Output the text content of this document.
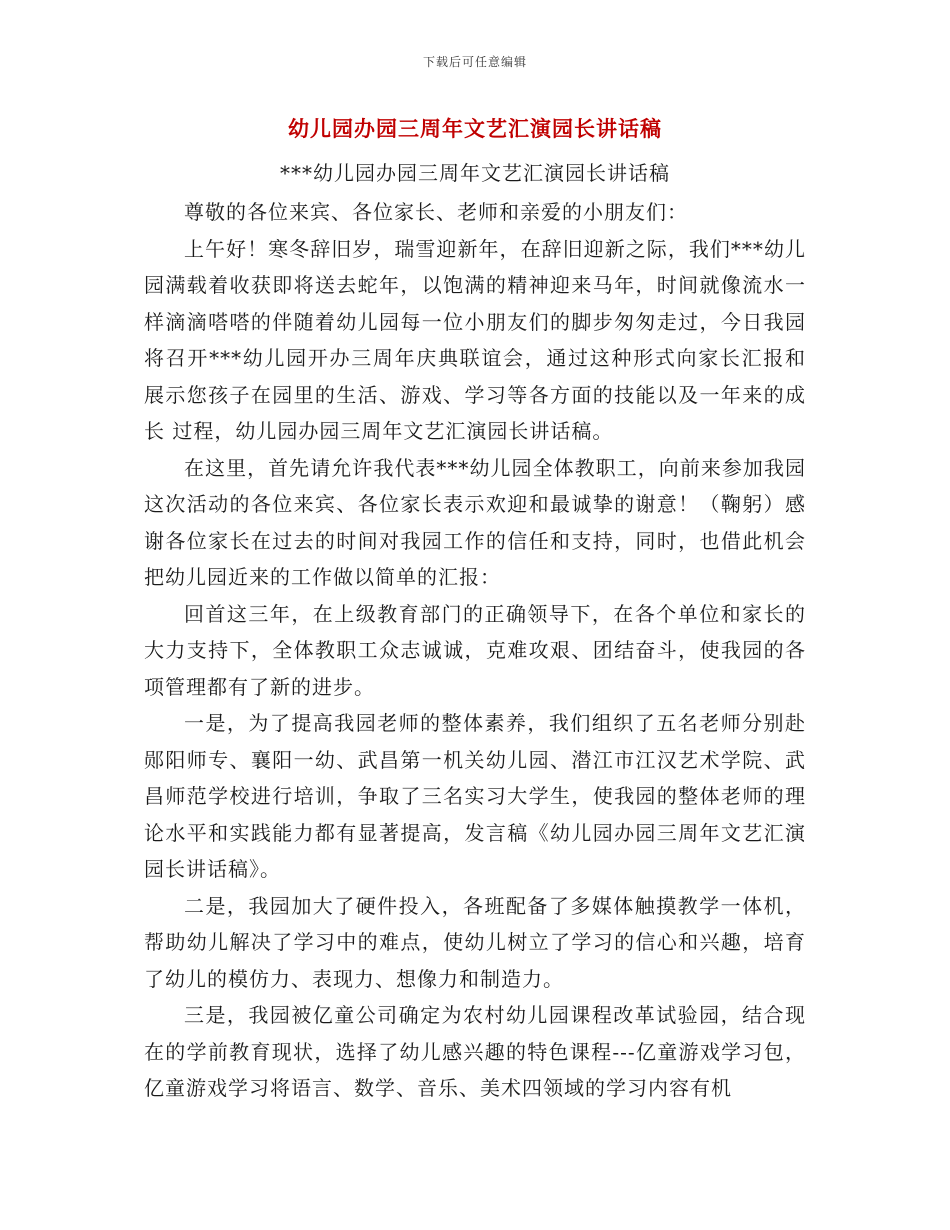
下载后可任意编辑
幼儿园办园三周年文艺汇演园长讲话稿
***幼儿园办园三周年文艺汇演园长讲话稿

尊敬的各位来宾、各位家长、老师和亲爱的小朋友们：

上午好！寒冬辞旧岁，瑞雪迎新年，在辞旧迎新之际，我们***幼儿园满载着收获即将送去蛇年，以饱满的精神迎来马年，时间就像流水一样滴滴嗒嗒的伴随着幼儿园每一位小朋友们的脚步匆匆走过，今日我园将召开***幼儿园开办三周年庆典联谊会，通过这种形式向家长汇报和展示您孩子在园里的生活、游戏、学习等各方面的技能以及一年来的成长 过程，幼儿园办园三周年文艺汇演园长讲话稿。

在这里，首先请允许我代表***幼儿园全体教职工，向前来参加我园这次活动的各位来宾、各位家长表示欢迎和最诚挚的谢意！（鞠躬）感谢各位家长在过去的时间对我园工作的信任和支持，同时，也借此机会把幼儿园近来的工作做以简单的汇报：

回首这三年，在上级教育部门的正确领导下，在各个单位和家长的大力支持下，全体教职工众志诚诚，克难攻艰、团结奋斗，使我园的各项管理都有了新的进步。

一是，为了提高我园老师的整体素养，我们组织了五名老师分别赴郧阳师专、襄阳一幼、武昌第一机关幼儿园、潜江市江汉艺术学院、武昌师范学校进行培训，争取了三名实习大学生，使我园的整体老师的理论水平和实践能力都有显著提高，发言稿《幼儿园办园三周年文艺汇演园长讲话稿》。

二是，我园加大了硬件投入，各班配备了多媒体触摸教学一体机，帮助幼儿解决了学习中的难点，使幼儿树立了学习的信心和兴趣，培育了幼儿的模仿力、表现力、想像力和制造力。

三是，我园被亿童公司确定为农村幼儿园课程改革试验园，结合现在的学前教育现状，选择了幼儿感兴趣的特色课程---亿童游戏学习包，亿童游戏学习将语言、数学、音乐、美术四领域的学习内容有机
